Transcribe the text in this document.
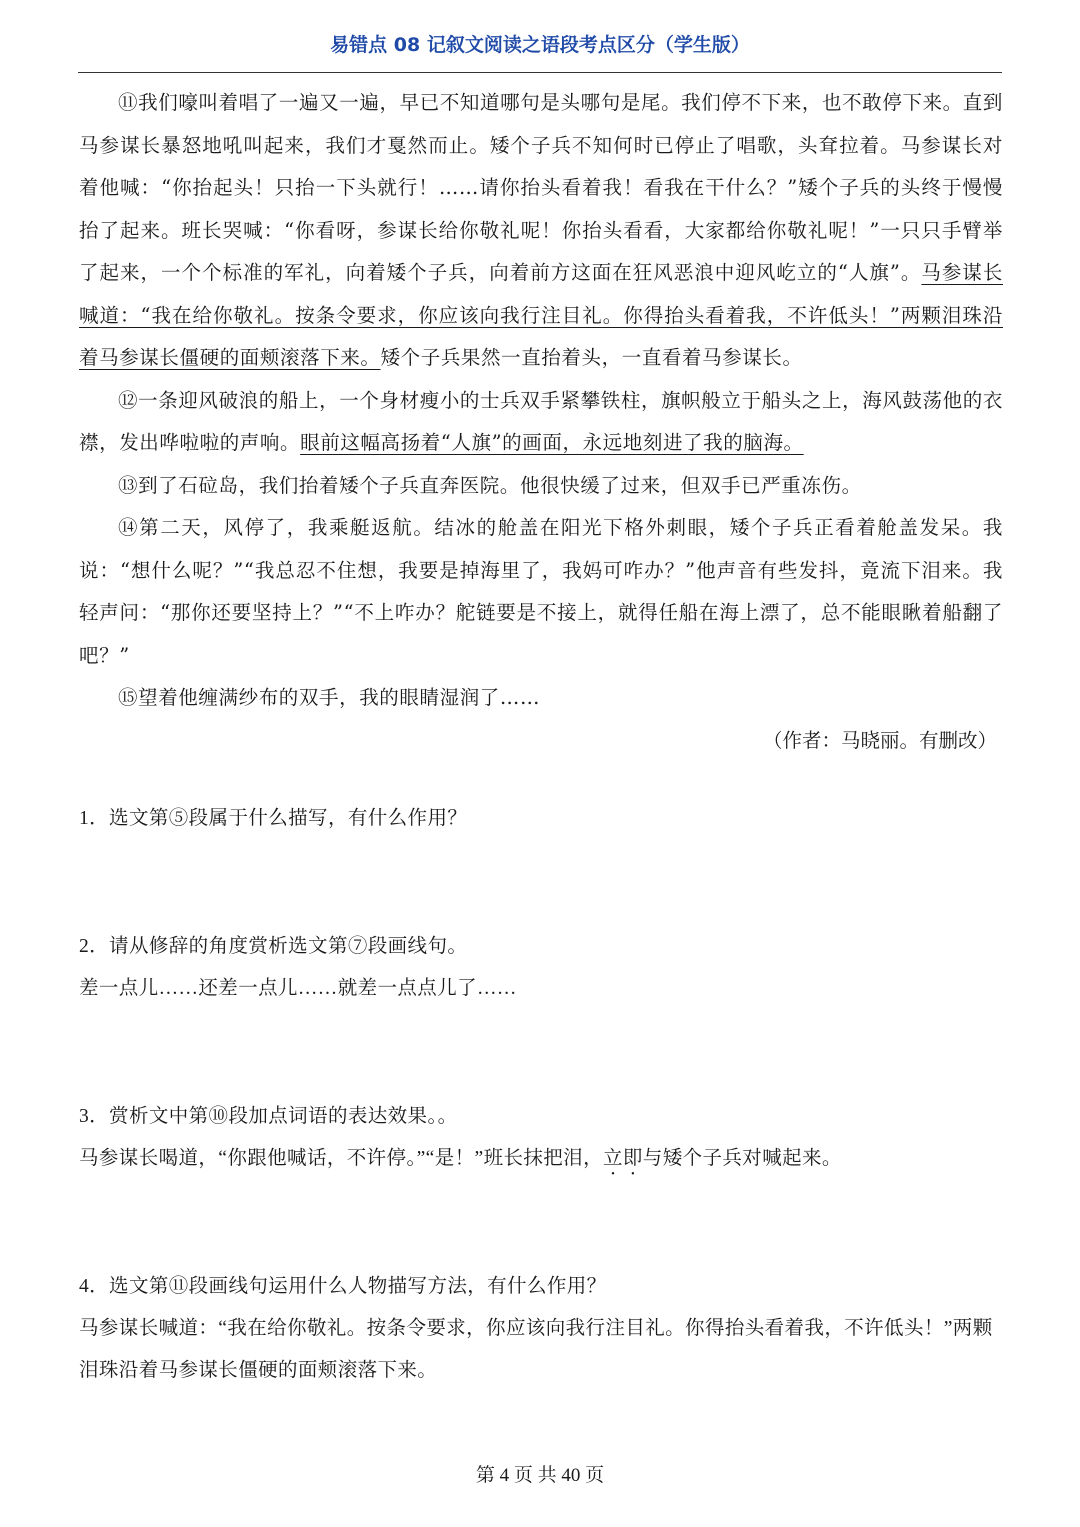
易错点 08 记叙文阅读之语段考点区分（学生版）

⑪我们嚎叫着唱了一遍又一遍，早已不知道哪句是头哪句是尾。我们停不下来，也不敢停下来。直到马参谋长暴怒地吼叫起来，我们才戛然而止。矮个子兵不知何时已停止了唱歌，头耷拉着。马参谋长对着他喊：“你抬起头！只抬一下头就行！……请你抬头看着我！看我在干什么？”矮个子兵的头终于慢慢抬了起来。班长哭喊：“你看呀，参谋长给你敬礼呢！你抬头看看，大家都给你敬礼呢！”一只只手臂举了起来，一个个标准的军礼，向着矮个子兵，向着前方这面在狂风恶浪中迎风屹立的“人旗”。马参谋长喊道：“我在给你敬礼。按条令要求，你应该向我行注目礼。你得抬头看着我，不许低头！”两颗泪珠沿着马参谋长僵硬的面颊滚落下来。矮个子兵果然一直抬着头，一直看着马参谋长。

⑫一条迎风破浪的船上，一个身材瘦小的士兵双手紧攀铁柱，旗帜般立于船头之上，海风鼓荡他的衣襟，发出哗啦啦的声响。眼前这幅高扬着“人旗”的画面，永远地刻进了我的脑海。

⑬到了石砬岛，我们抬着矮个子兵直奔医院。他很快缓了过来，但双手已严重冻伤。

⑭第二天，风停了，我乘艇返航。结冰的舱盖在阳光下格外刺眼，矮个子兵正看着舱盖发呆。我说：“想什么呢？”“我总忍不住想，我要是掉海里了，我妈可咋办？”他声音有些发抖，竟流下泪来。我轻声问：“那你还要坚持上？”“不上咋办？舵链要是不接上，就得任船在海上漂了，总不能眼瞅着船翻了吧？”

⑮望着他缠满纱布的双手，我的眼睛湿润了……

（作者：马晓丽。有删改）

1．选文第⑤段属于什么描写，有什么作用？

2．请从修辞的角度赏析选文第⑦段画线句。

差一点儿……还差一点儿……就差一点点儿了……

3．赏析文中第⑩段加点词语的表达效果。。

马参谋长喝道，“你跟他喊话，不许停。”“是！”班长抹把泪，立即与矮个子兵对喊起来。

4．选文第⑪段画线句运用什么人物描写方法，有什么作用？

马参谋长喊道：“我在给你敬礼。按条令要求，你应该向我行注目礼。你得抬头看着我，不许低头！”两颗泪珠沿着马参谋长僵硬的面颊滚落下来。

第 4 页 共 40 页
